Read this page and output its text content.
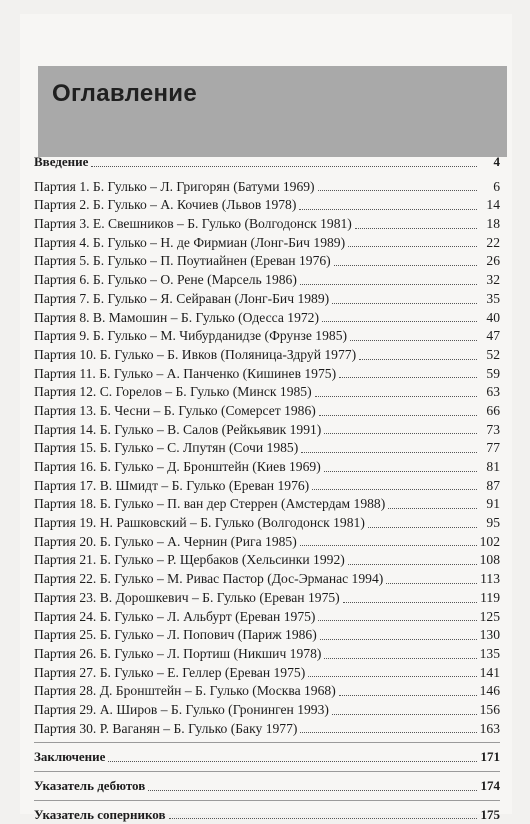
Оглавление
Введение	4
Партия 1. Б. Гулько – Л. Григорян (Батуми 1969)	6
Партия 2. Б. Гулько – А. Кочиев (Львов 1978)	14
Партия 3. Е. Свешников – Б. Гулько (Волгодонск 1981)	18
Партия 4. Б. Гулько – Н. де Фирмиан (Лонг-Бич 1989)	22
Партия 5. Б. Гулько – П. Поутиайнен (Ереван 1976)	26
Партия 6. Б. Гулько – О. Рене (Марсель 1986)	32
Партия 7. Б. Гулько – Я. Сейраван (Лонг-Бич 1989)	35
Партия 8. В. Мамошин – Б. Гулько (Одесса 1972)	40
Партия 9. Б. Гулько – М. Чибурданидзе (Фрунзе 1985)	47
Партия 10. Б. Гулько – Б. Ивков (Поляница-Здруй 1977)	52
Партия 11. Б. Гулько – А. Панченко (Кишинев 1975)	59
Партия 12. С. Горелов – Б. Гулько (Минск 1985)	63
Партия 13. Б. Чесни – Б. Гулько (Сомерсет 1986)	66
Партия 14. Б. Гулько – В. Салов (Рейкьявик 1991)	73
Партия 15. Б. Гулько – С. Лпутян (Сочи 1985)	77
Партия 16. Б. Гулько – Д. Бронштейн (Киев 1969)	81
Партия 17. В. Шмидт – Б. Гулько (Ереван 1976)	87
Партия 18. Б. Гулько – П. ван дер Стеррен (Амстердам 1988)	91
Партия 19. Н. Рашковский – Б. Гулько (Волгодонск 1981)	95
Партия 20. Б. Гулько – А. Чернин (Рига 1985)	102
Партия 21. Б. Гулько – Р. Щербаков (Хельсинки 1992)	108
Партия 22. Б. Гулько – М. Ривас Пастор (Дос-Эрманас 1994)	113
Партия 23. В. Дорошкевич – Б. Гулько (Ереван 1975)	119
Партия 24. Б. Гулько – Л. Альбурт (Ереван 1975)	125
Партия 25. Б. Гулько – Л. Попович (Париж 1986)	130
Партия 26. Б. Гулько – Л. Портиш (Никшич 1978)	135
Партия 27. Б. Гулько – Е. Геллер (Ереван 1975)	141
Партия 28. Д. Бронштейн – Б. Гулько (Москва 1968)	146
Партия 29. А. Широв – Б. Гулько (Гронинген 1993)	156
Партия 30. Р. Ваганян – Б. Гулько (Баку 1977)	163
Заключение	171
Указатель дебютов	174
Указатель соперников	175
